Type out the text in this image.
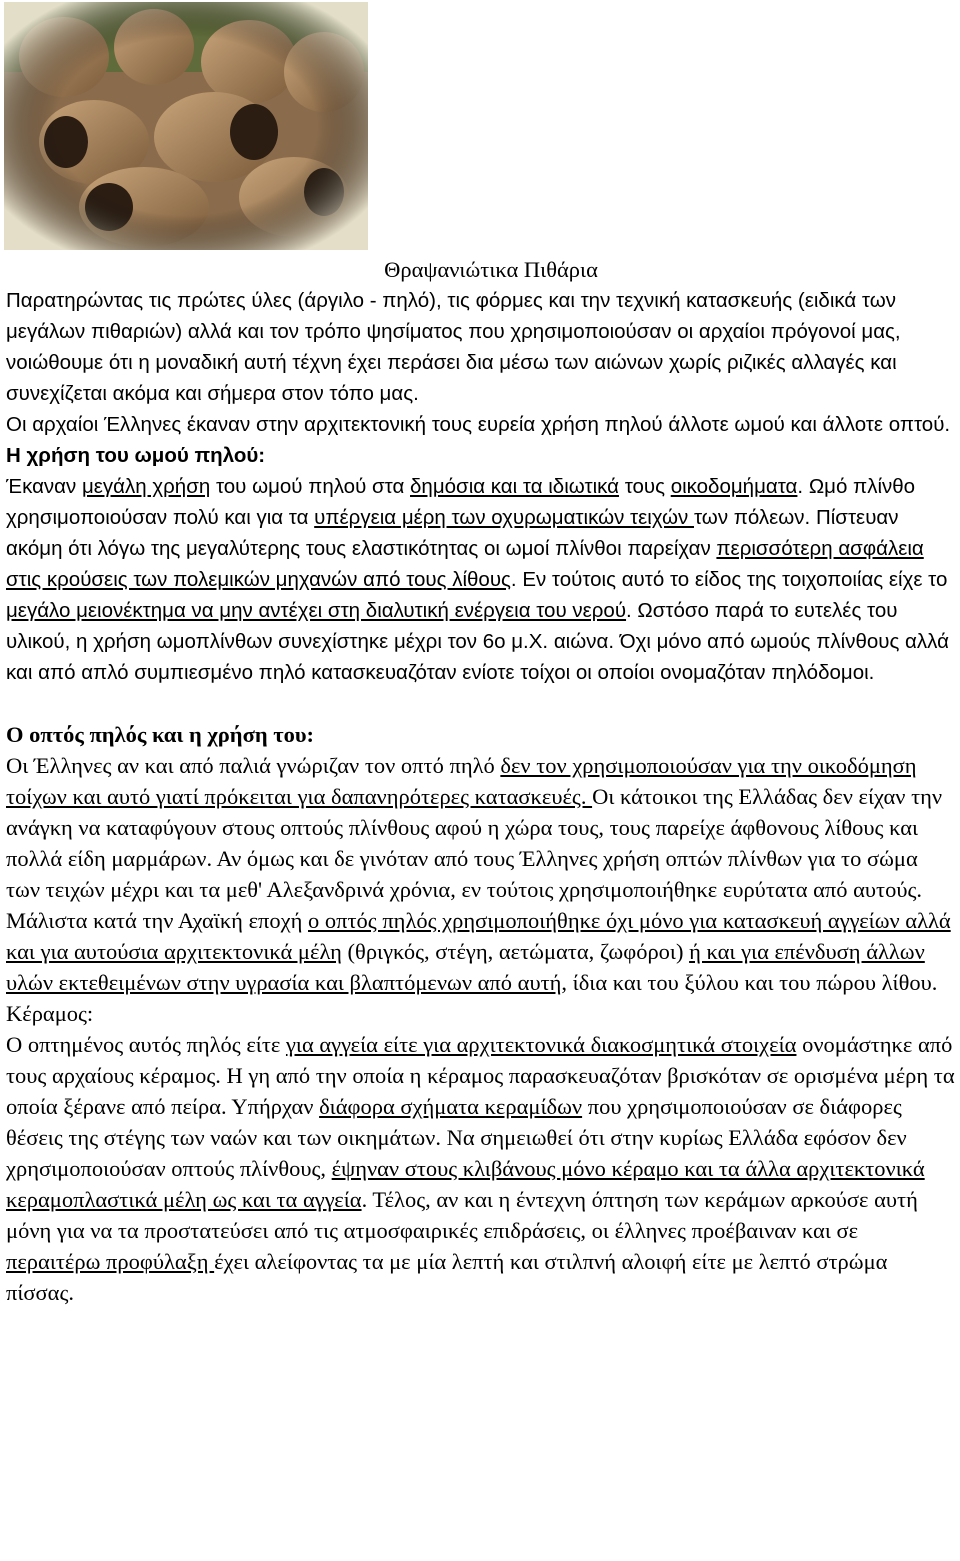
Θραψανιώτικα Πιθάρια

Παρατηρώντας τις πρώτες ύλες (άργιλο - πηλό), τις φόρμες και την τεχνική κατασκευής (ειδικά των μεγάλων πιθαριών) αλλά και τον τρόπο ψησίματος που χρησιμοποιούσαν οι αρχαίοι πρόγονοί μας, νοιώθουμε ότι η μοναδική αυτή τέχνη έχει περάσει δια μέσω των αιώνων χωρίς ριζικές αλλαγές και συνεχίζεται ακόμα και σήμερα στον τόπο μας.

Οι αρχαίοι Έλληνες έκαναν στην αρχιτεκτονική τους ευρεία χρήση πηλού άλλοτε ωμού και άλλοτε οπτού.

Η χρήση του ωμού πηλού:

Έκαναν μεγάλη χρήση του ωμού πηλού στα δημόσια και τα ιδιωτικά τους οικοδομήματα. Ωμό πλίνθο χρησιμοποιούσαν πολύ και για τα υπέργεια μέρη των οχυρωματικών τειχών των πόλεων. Πίστευαν ακόμη ότι λόγω της μεγαλύτερης τους ελαστικότητας οι ωμοί πλίνθοι παρείχαν περισσότερη ασφάλεια στις κρούσεις των πολεμικών μηχανών από τους λίθους. Εν τούτοις αυτό το είδος της τοιχοποιίας είχε το μεγάλο μειονέκτημα να μην αντέχει στη διαλυτική ενέργεια του νερού. Ωστόσο παρά το ευτελές του υλικού, η χρήση ωμοπλίνθων συνεχίστηκε μέχρι τον 6ο μ.Χ. αιώνα. Όχι μόνο από ωμούς πλίνθους αλλά και από απλό συμπιεσμένο πηλό κατασκευαζόταν ενίοτε τοίχοι οι οποίοι ονομαζόταν πηλόδομοι.

Ο οπτός πηλός και η χρήση του:

Οι Έλληνες αν και από παλιά γνώριζαν τον οπτό πηλό δεν τον χρησιμοποιούσαν για την οικοδόμηση τοίχων και αυτό γιατί πρόκειται για δαπανηρότερες κατασκευές. Οι κάτοικοι της Ελλάδας δεν είχαν την ανάγκη να καταφύγουν στους οπτούς πλίνθους αφού η χώρα τους, τους παρείχε άφθονους λίθους και πολλά είδη μαρμάρων. Αν όμως και δε γινόταν από τους Έλληνες χρήση οπτών πλίνθων για το σώμα των τειχών μέχρι και τα μεθ' Αλεξανδρινά χρόνια, εν τούτοις χρησιμοποιήθηκε ευρύτατα από αυτούς. Μάλιστα κατά την Αχαϊκή εποχή ο οπτός πηλός χρησιμοποιήθηκε όχι μόνο για κατασκευή αγγείων αλλά και για αυτούσια αρχιτεκτονικά μέλη (θριγκός, στέγη, αετώματα, ζωφόροι) ή και για επένδυση άλλων υλών εκτεθειμένων στην υγρασία και βλαπτόμενων από αυτή, ίδια και του ξύλου και του πώρου λίθου.

Κέραμος:

Ο οπτημένος αυτός πηλός είτε για αγγεία είτε για αρχιτεκτονικά διακοσμητικά στοιχεία ονομάστηκε από τους αρχαίους κέραμος. Η γη από την οποία η κέραμος παρασκευαζόταν βρισκόταν σε ορισμένα μέρη τα οποία ξέρανε από πείρα. Υπήρχαν διάφορα σχήματα κεραμίδων που χρησιμοποιούσαν σε διάφορες θέσεις της στέγης των ναών και των οικημάτων. Να σημειωθεί ότι στην κυρίως Ελλάδα εφόσον δεν χρησιμοποιούσαν οπτούς πλίνθους, έψηναν στους κλιβάνους μόνο κέραμο και τα άλλα αρχιτεκτονικά κεραμοπλαστικά μέλη ως και τα αγγεία. Τέλος, αν και η έντεχνη όπτηση των κεράμων αρκούσε αυτή μόνη για να τα προστατεύσει από τις ατμοσφαιρικές επιδράσεις, οι έλληνες προέβαιναν και σε περαιτέρω προφύλαξη έχει αλείφοντας τα με μία λεπτή και στιλπνή αλοιφή είτε με λεπτό στρώμα πίσσας.
